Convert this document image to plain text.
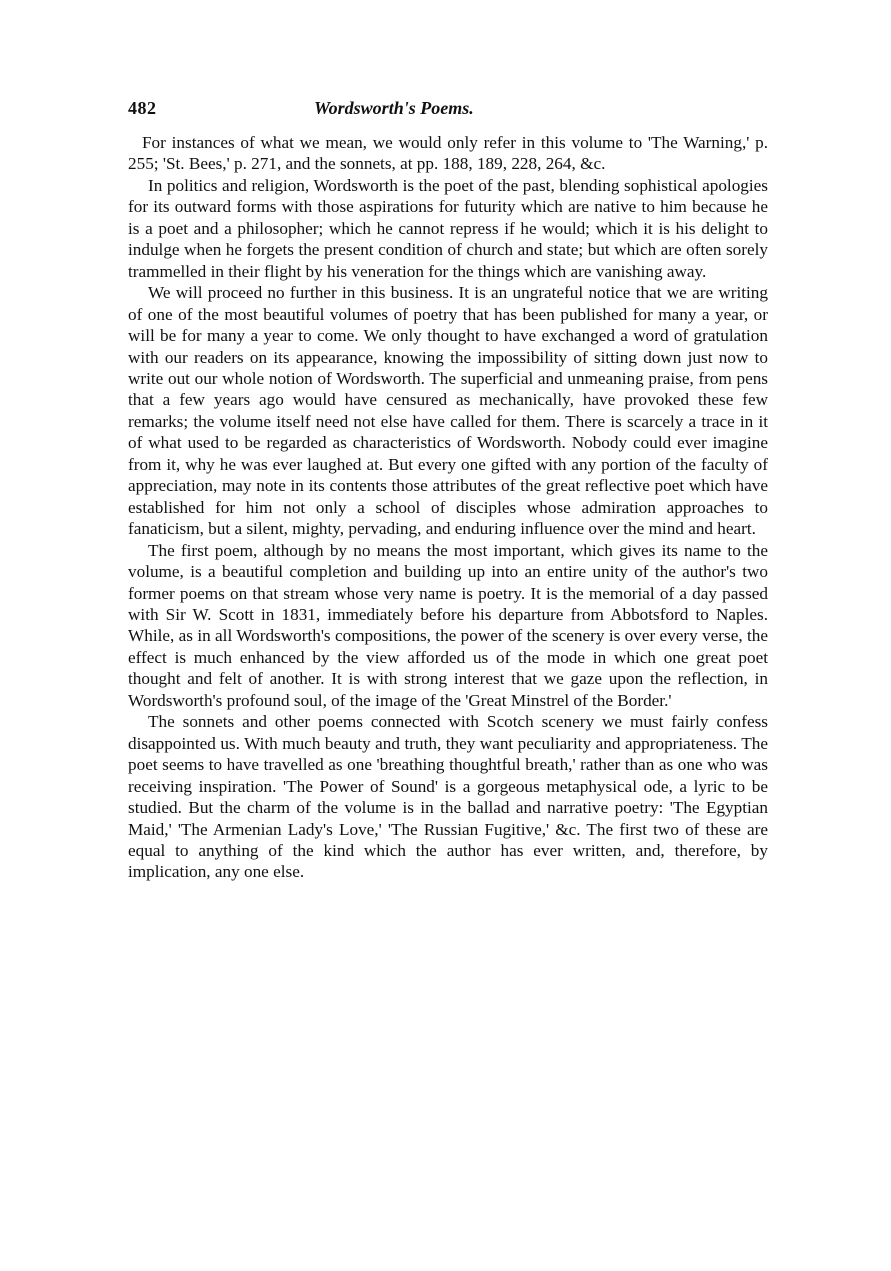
482	Wordsworth's Poems.

For instances of what we mean, we would only refer in this volume to 'The Warning,' p. 255; 'St. Bees,' p. 271, and the sonnets, at pp. 188, 189, 228, 264, &c.

In politics and religion, Wordsworth is the poet of the past, blending sophistical apologies for its outward forms with those aspirations for futurity which are native to him because he is a poet and a philosopher; which he cannot repress if he would; which it is his delight to indulge when he forgets the present condition of church and state; but which are often sorely trammelled in their flight by his veneration for the things which are vanishing away.

We will proceed no further in this business. It is an ungrateful notice that we are writing of one of the most beautiful volumes of poetry that has been published for many a year, or will be for many a year to come. We only thought to have exchanged a word of gratulation with our readers on its appearance, knowing the impossibility of sitting down just now to write out our whole notion of Wordsworth. The superficial and unmeaning praise, from pens that a few years ago would have censured as mechanically, have provoked these few remarks; the volume itself need not else have called for them. There is scarcely a trace in it of what used to be regarded as characteristics of Wordsworth. Nobody could ever imagine from it, why he was ever laughed at. But every one gifted with any portion of the faculty of appreciation, may note in its contents those attributes of the great reflective poet which have established for him not only a school of disciples whose admiration approaches to fanaticism, but a silent, mighty, pervading, and enduring influence over the mind and heart.

The first poem, although by no means the most important, which gives its name to the volume, is a beautiful completion and building up into an entire unity of the author's two former poems on that stream whose very name is poetry. It is the memorial of a day passed with Sir W. Scott in 1831, immediately before his departure from Abbotsford to Naples. While, as in all Wordsworth's compositions, the power of the scenery is over every verse, the effect is much enhanced by the view afforded us of the mode in which one great poet thought and felt of another. It is with strong interest that we gaze upon the reflection, in Wordsworth's profound soul, of the image of the 'Great Minstrel of the Border.'

The sonnets and other poems connected with Scotch scenery we must fairly confess disappointed us. With much beauty and truth, they want peculiarity and appropriateness. The poet seems to have travelled as one 'breathing thoughtful breath,' rather than as one who was receiving inspiration. 'The Power of Sound' is a gorgeous metaphysical ode, a lyric to be studied. But the charm of the volume is in the ballad and narrative poetry: 'The Egyptian Maid,' 'The Armenian Lady's Love,' 'The Russian Fugitive,' &c. The first two of these are equal to anything of the kind which the author has ever written, and, therefore, by implication, any one else.
